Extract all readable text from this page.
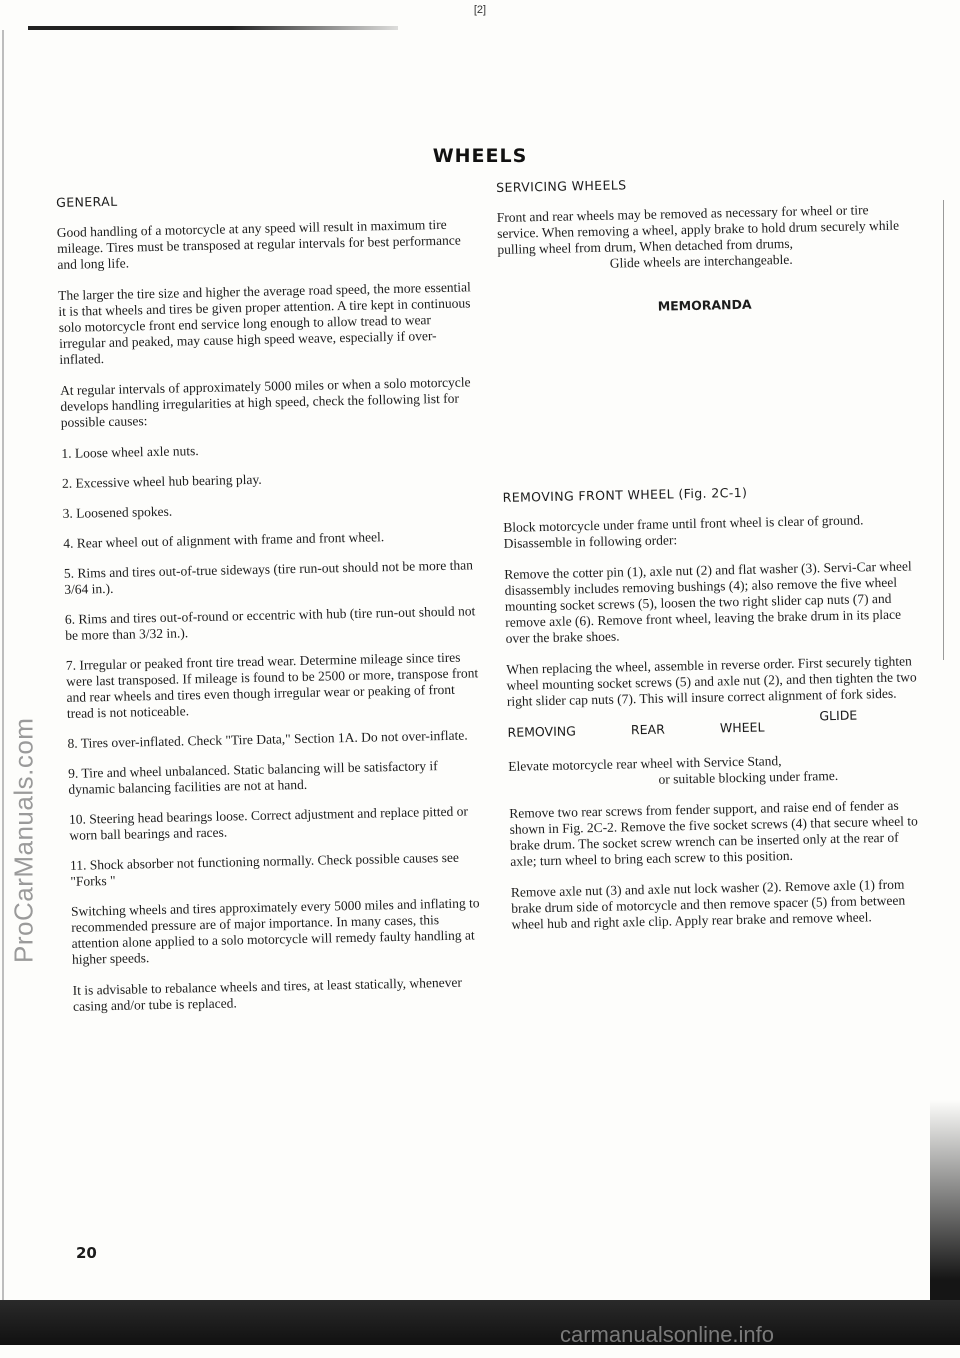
[2]
ProCarManuals.com
carmanualsonline.info
WHEELS
GENERAL

Good handling of a motorcycle at any speed will result in maximum tire mileage. Tires must be transposed at regular intervals for best performance and long life.

The larger the tire size and higher the average road speed, the more essential it is that wheels and tires be given proper attention. A tire kept in continuous solo motorcycle front end service long enough to allow tread to wear irregular and peaked, may cause high speed weave, especially if over-inflated.

At regular intervals of approximately 5000 miles or when a solo motorcycle develops handling irregularities at high speed, check the following list for possible causes:

1. Loose wheel axle nuts.
2. Excessive wheel hub bearing play.
3. Loosened spokes.
4. Rear wheel out of alignment with frame and front wheel.
5. Rims and tires out-of-true sideways (tire run-out should not be more than 3/64 in.).
6. Rims and tires out-of-round or eccentric with hub (tire run-out should not be more than 3/32 in.).
7. Irregular or peaked front tire tread wear. Determine mileage since tires were last transposed. If mileage is found to be 2500 or more, transpose front and rear wheels and tires even though irregular wear or peaking of front tread is not noticeable.
8. Tires over-inflated. Check "Tire Data," Section 1A. Do not over-inflate.
9. Tire and wheel unbalanced. Static balancing will be satisfactory if dynamic balancing facilities are not at hand.
10. Steering head bearings loose. Correct adjustment and replace pitted or worn ball bearings and races.
11. Shock absorber not functioning normally. Check possible causes see "Forks "

Switching wheels and tires approximately every 5000 miles and inflating to recommended pressure are of major importance. In many cases, this attention alone applied to a solo motorcycle will remedy faulty handling at higher speeds.

It is advisable to rebalance wheels and tires, at least statically, whenever casing and/or tube is replaced.

SERVICING WHEELS

Front and rear wheels may be removed as necessary for wheel or tire service. When removing a wheel, apply brake to hold drum securely while pulling wheel from drum, When detached from drums,

Glide wheels are interchangeable.

MEMORANDA
REMOVING FRONT WHEEL (Fig. 2C-1)

Block motorcycle under frame until front wheel is clear of ground. Disassemble in following order:

Remove the cotter pin (1), axle nut (2) and flat washer (3). Servi-Car wheel disassembly includes removing bushings (4); also remove the five wheel mounting socket screws (5), loosen the two right slider cap nuts (7) and remove axle (6). Remove front wheel, leaving the brake drum in its place over the brake shoes.

When replacing the wheel, assemble in reverse order. First securely tighten wheel mounting socket screws (5) and axle nut (2), and then tighten the two right slider cap nuts (7). This will insure correct alignment of fork sides.

REMOVING	REAR	WHEEL
GLIDE

Elevate motorcycle rear wheel with Service Stand,

or suitable blocking under frame.

Remove two rear screws from fender support, and raise end of fender as shown in Fig. 2C-2. Remove the five socket screws (4) that secure wheel to brake drum. The socket screw wrench can be inserted only at the rear of axle; turn wheel to bring each screw to this position.

Remove axle nut (3) and axle nut lock washer (2). Remove axle (1) from brake drum side of motorcycle and then remove spacer (5) from between wheel hub and right axle clip. Apply rear brake and remove wheel.

20
